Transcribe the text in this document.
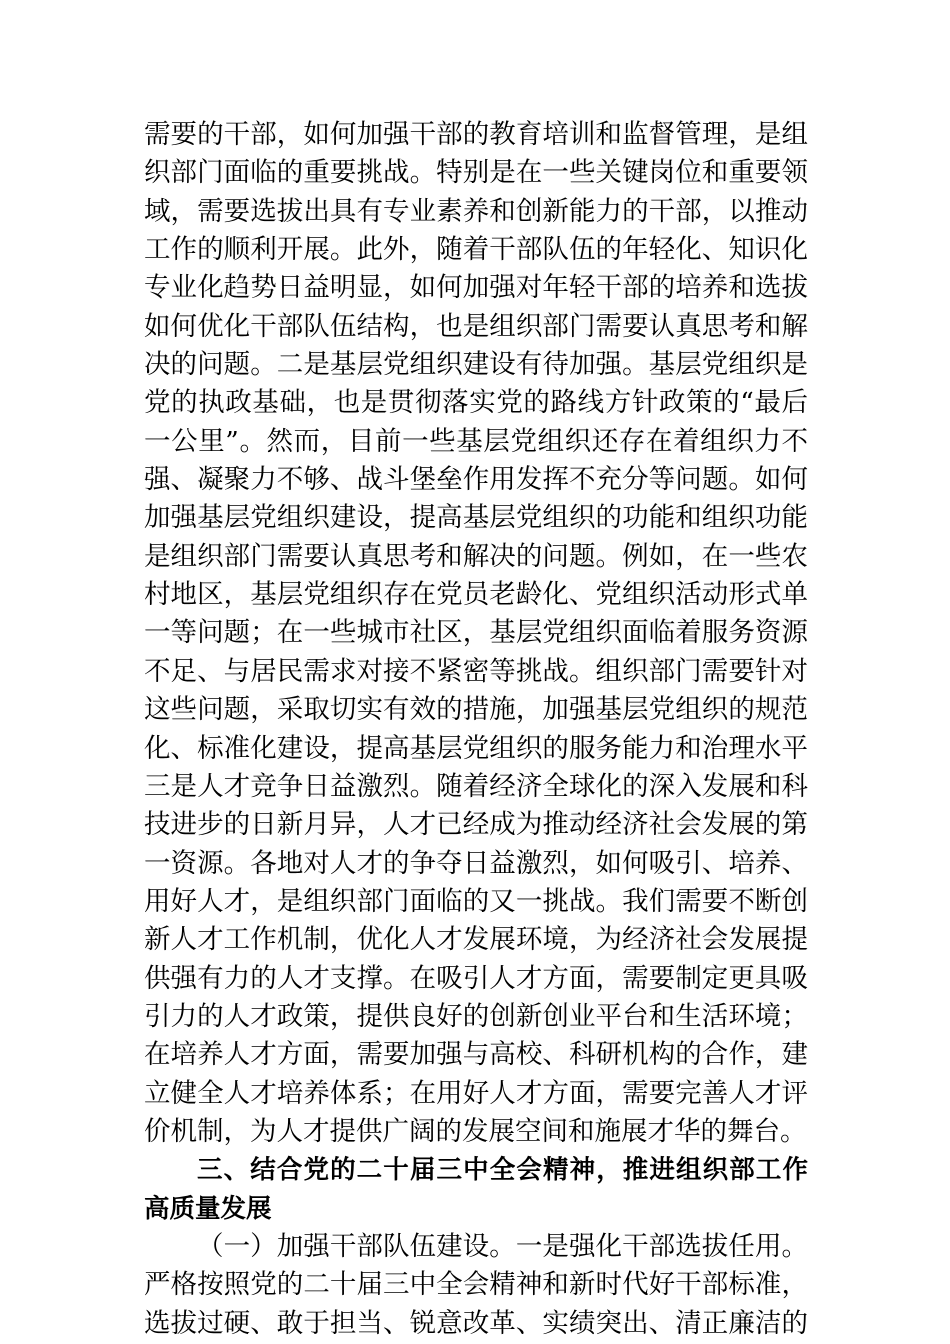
需要的干部，如何加强干部的教育培训和监督管理，是组
织部门面临的重要挑战。特别是在一些关键岗位和重要领
域，需要选拔出具有专业素养和创新能力的干部，以推动
工作的顺利开展。此外，随着干部队伍的年轻化、知识化
专业化趋势日益明显，如何加强对年轻干部的培养和选拔
如何优化干部队伍结构，也是组织部门需要认真思考和解
决的问题。二是基层党组织建设有待加强。基层党组织是
党的执政基础，也是贯彻落实党的路线方针政策的“最后
一公里”。然而，目前一些基层党组织还存在着组织力不
强、凝聚力不够、战斗堡垒作用发挥不充分等问题。如何
加强基层党组织建设，提高基层党组织的功能和组织功能
是组织部门需要认真思考和解决的问题。例如，在一些农
村地区，基层党组织存在党员老龄化、党组织活动形式单
一等问题；在一些城市社区，基层党组织面临着服务资源
不足、与居民需求对接不紧密等挑战。组织部门需要针对
这些问题，采取切实有效的措施，加强基层党组织的规范
化、标准化建设，提高基层党组织的服务能力和治理水平
三是人才竞争日益激烈。随着经济全球化的深入发展和科
技进步的日新月异，人才已经成为推动经济社会发展的第
一资源。各地对人才的争夺日益激烈，如何吸引、培养、
用好人才，是组织部门面临的又一挑战。我们需要不断创
新人才工作机制，优化人才发展环境，为经济社会发展提
供强有力的人才支撑。在吸引人才方面，需要制定更具吸
引力的人才政策，提供良好的创新创业平台和生活环境；
在培养人才方面，需要加强与高校、科研机构的合作，建
立健全人才培养体系；在用好人才方面，需要完善人才评
价机制，为人才提供广阔的发展空间和施展才华的舞台。
三、结合党的二十届三中全会精神，推进组织部工作
高质量发展
（一）加强干部队伍建设。一是强化干部选拔任用。
严格按照党的二十届三中全会精神和新时代好干部标准，
选拔过硬、敢于担当、锐意改革、实绩突出、清正廉洁的
